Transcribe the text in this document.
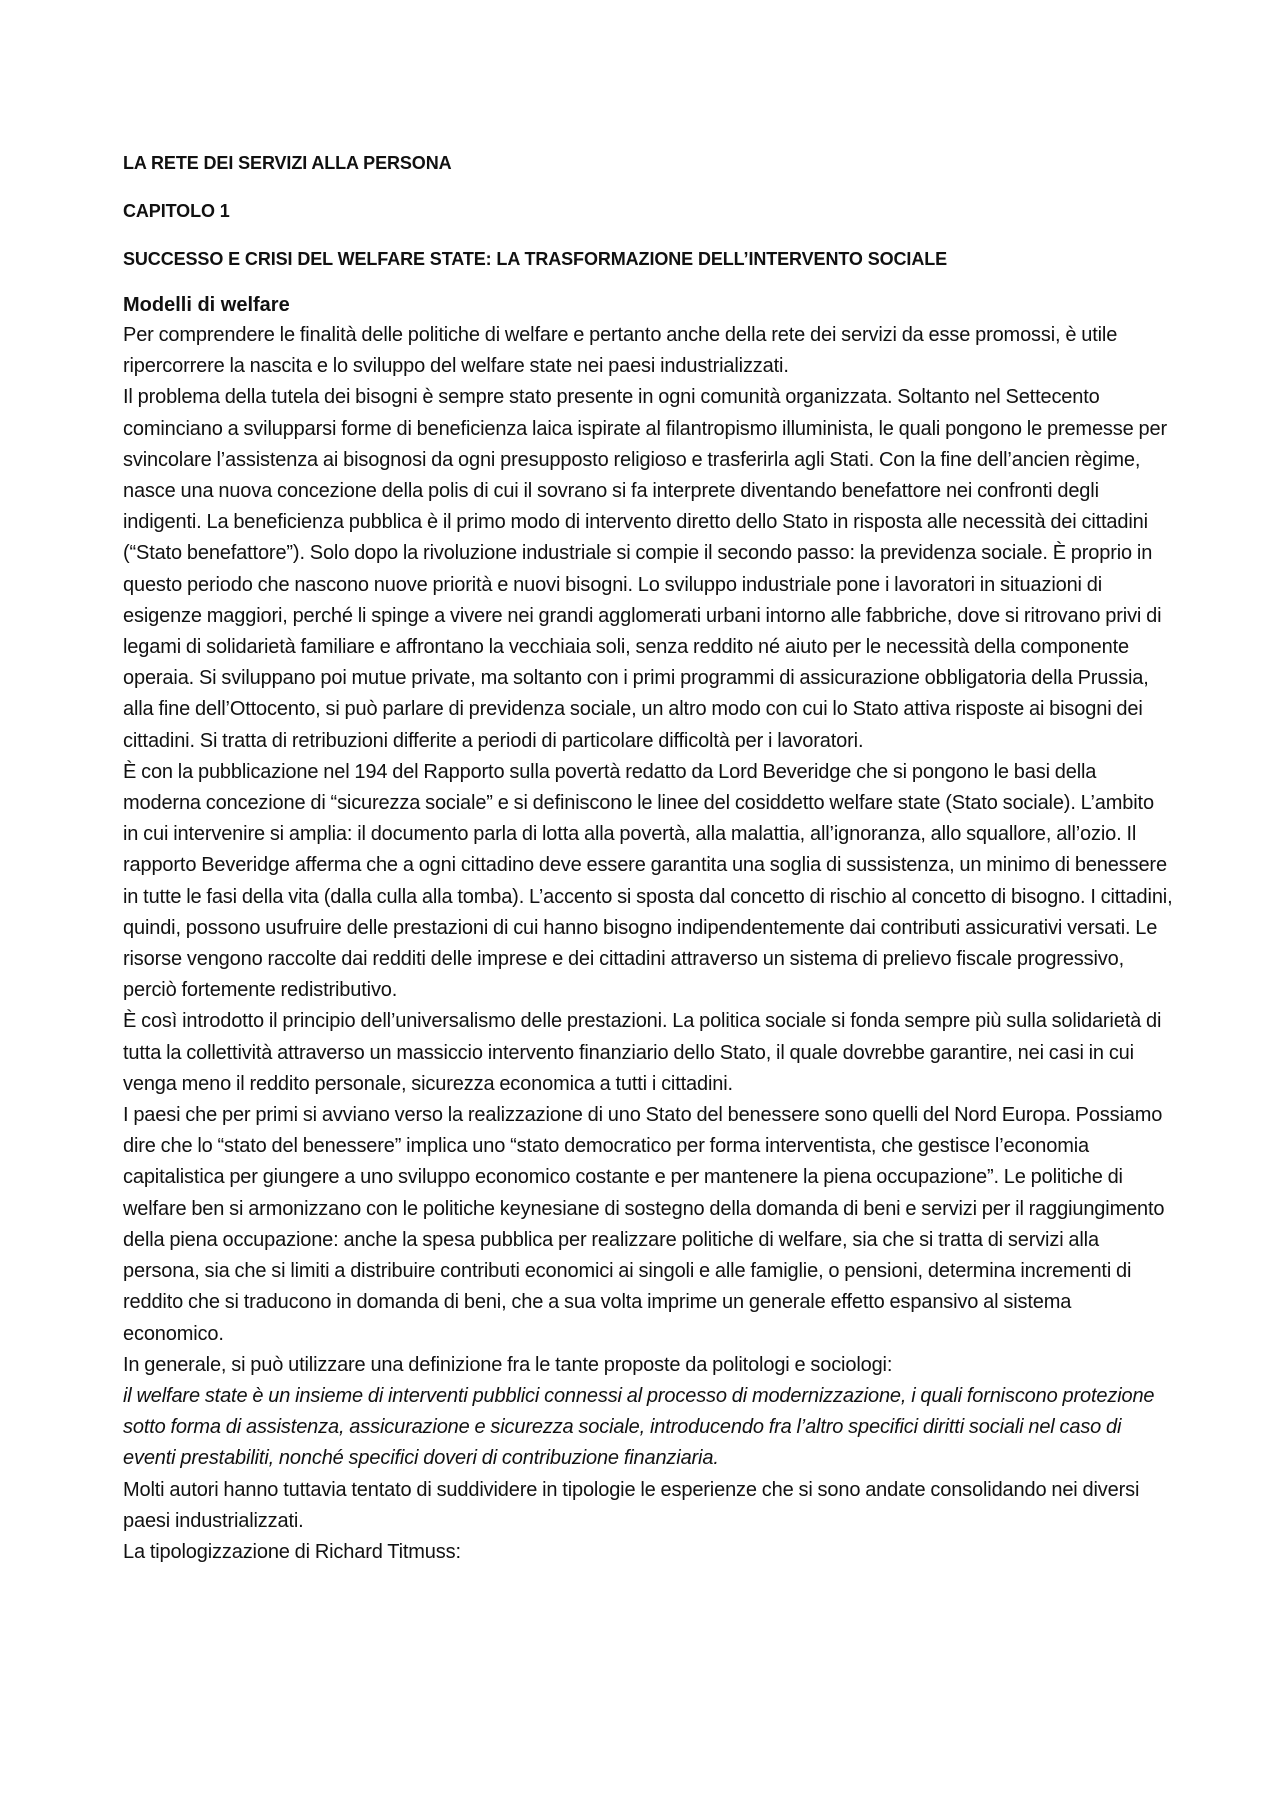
LA RETE DEI SERVIZI ALLA PERSONA

CAPITOLO 1

SUCCESSO E CRISI DEL WELFARE STATE: LA TRASFORMAZIONE DELL’INTERVENTO SOCIALE

Modelli di welfare

Per comprendere le finalità delle politiche di welfare e pertanto anche della rete dei servizi da esse promossi, è utile ripercorrere la nascita e lo sviluppo del welfare state nei paesi industrializzati.

Il problema della tutela dei bisogni è sempre stato presente in ogni comunità organizzata. Soltanto nel Settecento cominciano a svilupparsi forme di beneficienza laica ispirate al filantropismo illuminista, le quali pongono le premesse per svincolare l’assistenza ai bisognosi da ogni presupposto religioso e trasferirla agli Stati. Con la fine dell’ancien règime, nasce una nuova concezione della polis di cui il sovrano si fa interprete diventando benefattore nei confronti degli indigenti. La beneficienza pubblica è il primo modo di intervento diretto dello Stato in risposta alle necessità dei cittadini (“Stato benefattore”). Solo dopo la rivoluzione industriale si compie il secondo passo: la previdenza sociale. È proprio in questo periodo che nascono nuove priorità e nuovi bisogni. Lo sviluppo industriale pone i lavoratori in situazioni di esigenze maggiori, perché li spinge a vivere nei grandi agglomerati urbani intorno alle fabbriche, dove si ritrovano privi di legami di solidarietà familiare e affrontano la vecchiaia soli, senza reddito né aiuto per le necessità della componente operaia. Si sviluppano poi mutue private, ma soltanto con i primi programmi di assicurazione obbligatoria della Prussia, alla fine dell’Ottocento, si può parlare di previdenza sociale, un altro modo con cui lo Stato attiva risposte ai bisogni dei cittadini. Si tratta di retribuzioni differite a periodi di particolare difficoltà per i lavoratori.

È con la pubblicazione nel 194 del Rapporto sulla povertà redatto da Lord Beveridge che si pongono le basi della moderna concezione di “sicurezza sociale” e si definiscono le linee del cosiddetto welfare state (Stato sociale). L’ambito in cui intervenire si amplia: il documento parla di lotta alla povertà, alla malattia, all’ignoranza, allo squallore, all’ozio. Il rapporto Beveridge afferma che a ogni cittadino deve essere garantita una soglia di sussistenza, un minimo di benessere in tutte le fasi della vita (dalla culla alla tomba). L’accento si sposta dal concetto di rischio al concetto di bisogno. I cittadini, quindi, possono usufruire delle prestazioni di cui hanno bisogno indipendentemente dai contributi assicurativi versati. Le risorse vengono raccolte dai redditi delle imprese e dei cittadini attraverso un sistema di prelievo fiscale progressivo, perciò fortemente redistributivo.

È così introdotto il principio dell’universalismo delle prestazioni. La politica sociale si fonda sempre più sulla solidarietà di tutta la collettività attraverso un massiccio intervento finanziario dello Stato, il quale dovrebbe garantire, nei casi in cui venga meno il reddito personale, sicurezza economica a tutti i cittadini.

I paesi che per primi si avviano verso la realizzazione di uno Stato del benessere sono quelli del Nord Europa. Possiamo dire che lo “stato del benessere” implica uno “stato democratico per forma interventista, che gestisce l’economia capitalistica per giungere a uno sviluppo economico costante e per mantenere la piena occupazione”. Le politiche di welfare ben si armonizzano con le politiche keynesiane di sostegno della domanda di beni e servizi per il raggiungimento della piena occupazione: anche la spesa pubblica per realizzare politiche di welfare, sia che si tratta di servizi alla persona, sia che si limiti a distribuire contributi economici ai singoli e alle famiglie, o pensioni, determina incrementi di reddito che si traducono in domanda di beni, che a sua volta imprime un generale effetto espansivo al sistema economico.

In generale, si può utilizzare una definizione fra le tante proposte da politologi e sociologi:

il welfare state è un insieme di interventi pubblici connessi al processo di modernizzazione, i quali forniscono protezione sotto forma di assistenza, assicurazione e sicurezza sociale, introducendo fra l’altro specifici diritti sociali nel caso di eventi prestabiliti, nonché specifici doveri di contribuzione finanziaria.

Molti autori hanno tuttavia tentato di suddividere in tipologie le esperienze che si sono andate consolidando nei diversi paesi industrializzati.

La tipologizzazione di Richard Titmuss:
